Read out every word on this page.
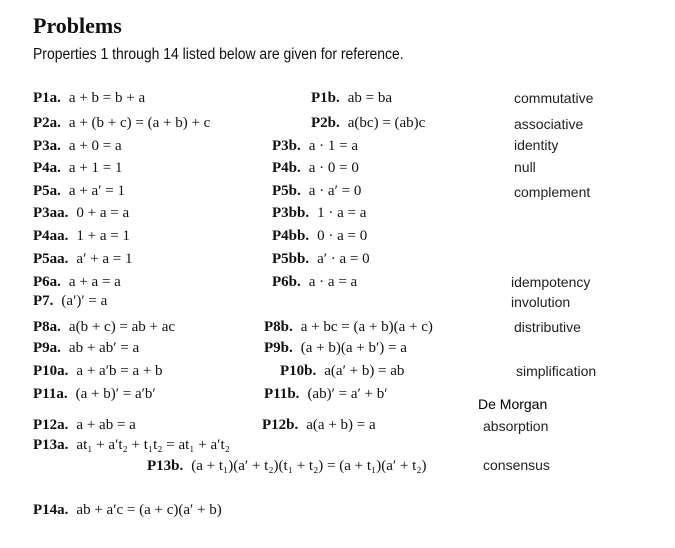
Problems
Properties 1 through 14 listed below are given for reference.
P1a. a + b = b + a
P2a. a + (b + c) = (a + b) + c
P3a. a + 0 = a
P4a. a + 1 = 1
P5a. a + a′ = 1
P3aa. 0 + a = a
P4aa. 1 + a = 1
P5aa. a′ + a = 1
P6a. a + a = a
P7. (a′)′ = a
P8a. a(b + c) = ab + ac
P9a. ab + ab′ = a
P10a. a + a′b = a + b
P11a. (a + b)′ = a′b′
P12a. a + ab = a
P13a. at₁ + a′t₂ + t₁t₂ = at₁ + a′t₂
P14a. ab + a′c = (a + c)(a′ + b)
P1b. ab = ba
P2b. a(bc) = (ab)c
P3b. a · 1 = a
P4b. a · 0 = 0
P5b. a · a′ = 0
P3bb. 1 · a = a
P4bb. 0 · a = 0
P5bb. a′ · a = 0
P6b. a · a = a
P8b. a + bc = (a + b)(a + c)
P9b. (a + b)(a + b′) = a
P10b. a(a′ + b) = ab
P11b. (ab)′ = a′ + b′
P12b. a(a + b) = a
P13b. (a + t₁)(a′ + t₂)(t₁ + t₂) = (a + t₁)(a′ + t₂)
commutative
associative
identity
null
complement
idempotency
involution
distributive
simplification
De Morgan
absorption
consensus
